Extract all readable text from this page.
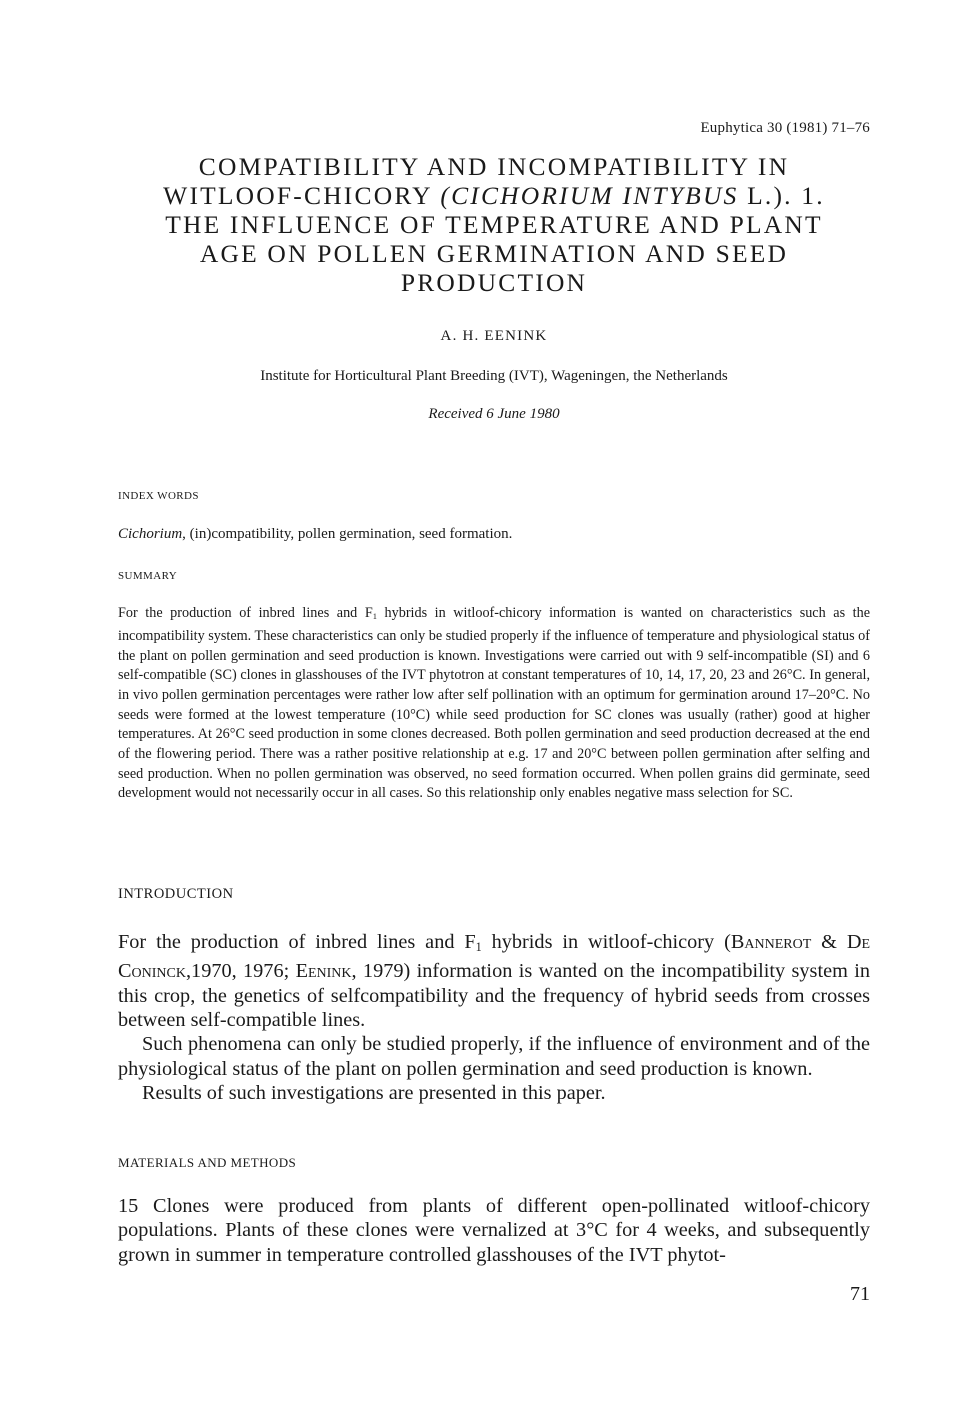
Euphytica 30 (1981) 71–76
COMPATIBILITY AND INCOMPATIBILITY IN
WITLOOF-CHICORY (CICHORIUM INTYBUS L.). 1.
THE INFLUENCE OF TEMPERATURE AND PLANT
AGE ON POLLEN GERMINATION AND SEED
PRODUCTION
A. H. EENINK
Institute for Horticultural Plant Breeding (IVT), Wageningen, the Netherlands
Received 6 June 1980
INDEX WORDS
Cichorium, (in)compatibility, pollen germination, seed formation.
SUMMARY
For the production of inbred lines and $F_1$ hybrids in witloof-chicory information is wanted on characteristics such as the incompatibility system. These characteristics can only be studied properly if the influence of temperature and physiological status of the plant on pollen germination and seed production is known. Investigations were carried out with 9 self-incompatible (SI) and 6 self-compatible (SC) clones in glasshouses of the IVT phytotron at constant temperatures of 10, 14, 17, 20, 23 and 26°C. In general, in vivo pollen germination percentages were rather low after self pollination with an optimum for germination around 17–20°C. No seeds were formed at the lowest temperature (10°C) while seed production for SC clones was usually (rather) good at higher temperatures. At 26°C seed production in some clones decreased. Both pollen germination and seed production decreased at the end of the flowering period. There was a rather positive relationship at e.g. 17 and 20°C between pollen germination after selfing and seed production. When no pollen germination was observed, no seed formation occurred. When pollen grains did germinate, seed development would not necessarily occur in all cases. So this relationship only enables negative mass selection for SC.
INTRODUCTION

For the production of inbred lines and $F_1$ hybrids in witloof-chicory (Bannerot & De Coninck,1970, 1976; Eenink, 1979) information is wanted on the incompatibility system in this crop, the genetics of selfcompatibility and the frequency of hybrid seeds from crosses between self-compatible lines.

Such phenomena can only be studied properly, if the influence of environment and of the physiological status of the plant on pollen germination and seed production is known.

Results of such investigations are presented in this paper.

MATERIALS AND METHODS

15 Clones were produced from plants of different open-pollinated witloof-chicory populations. Plants of these clones were vernalized at 3°C for 4 weeks, and subsequently grown in summer in temperature controlled glasshouses of the IVT phytot-

71
